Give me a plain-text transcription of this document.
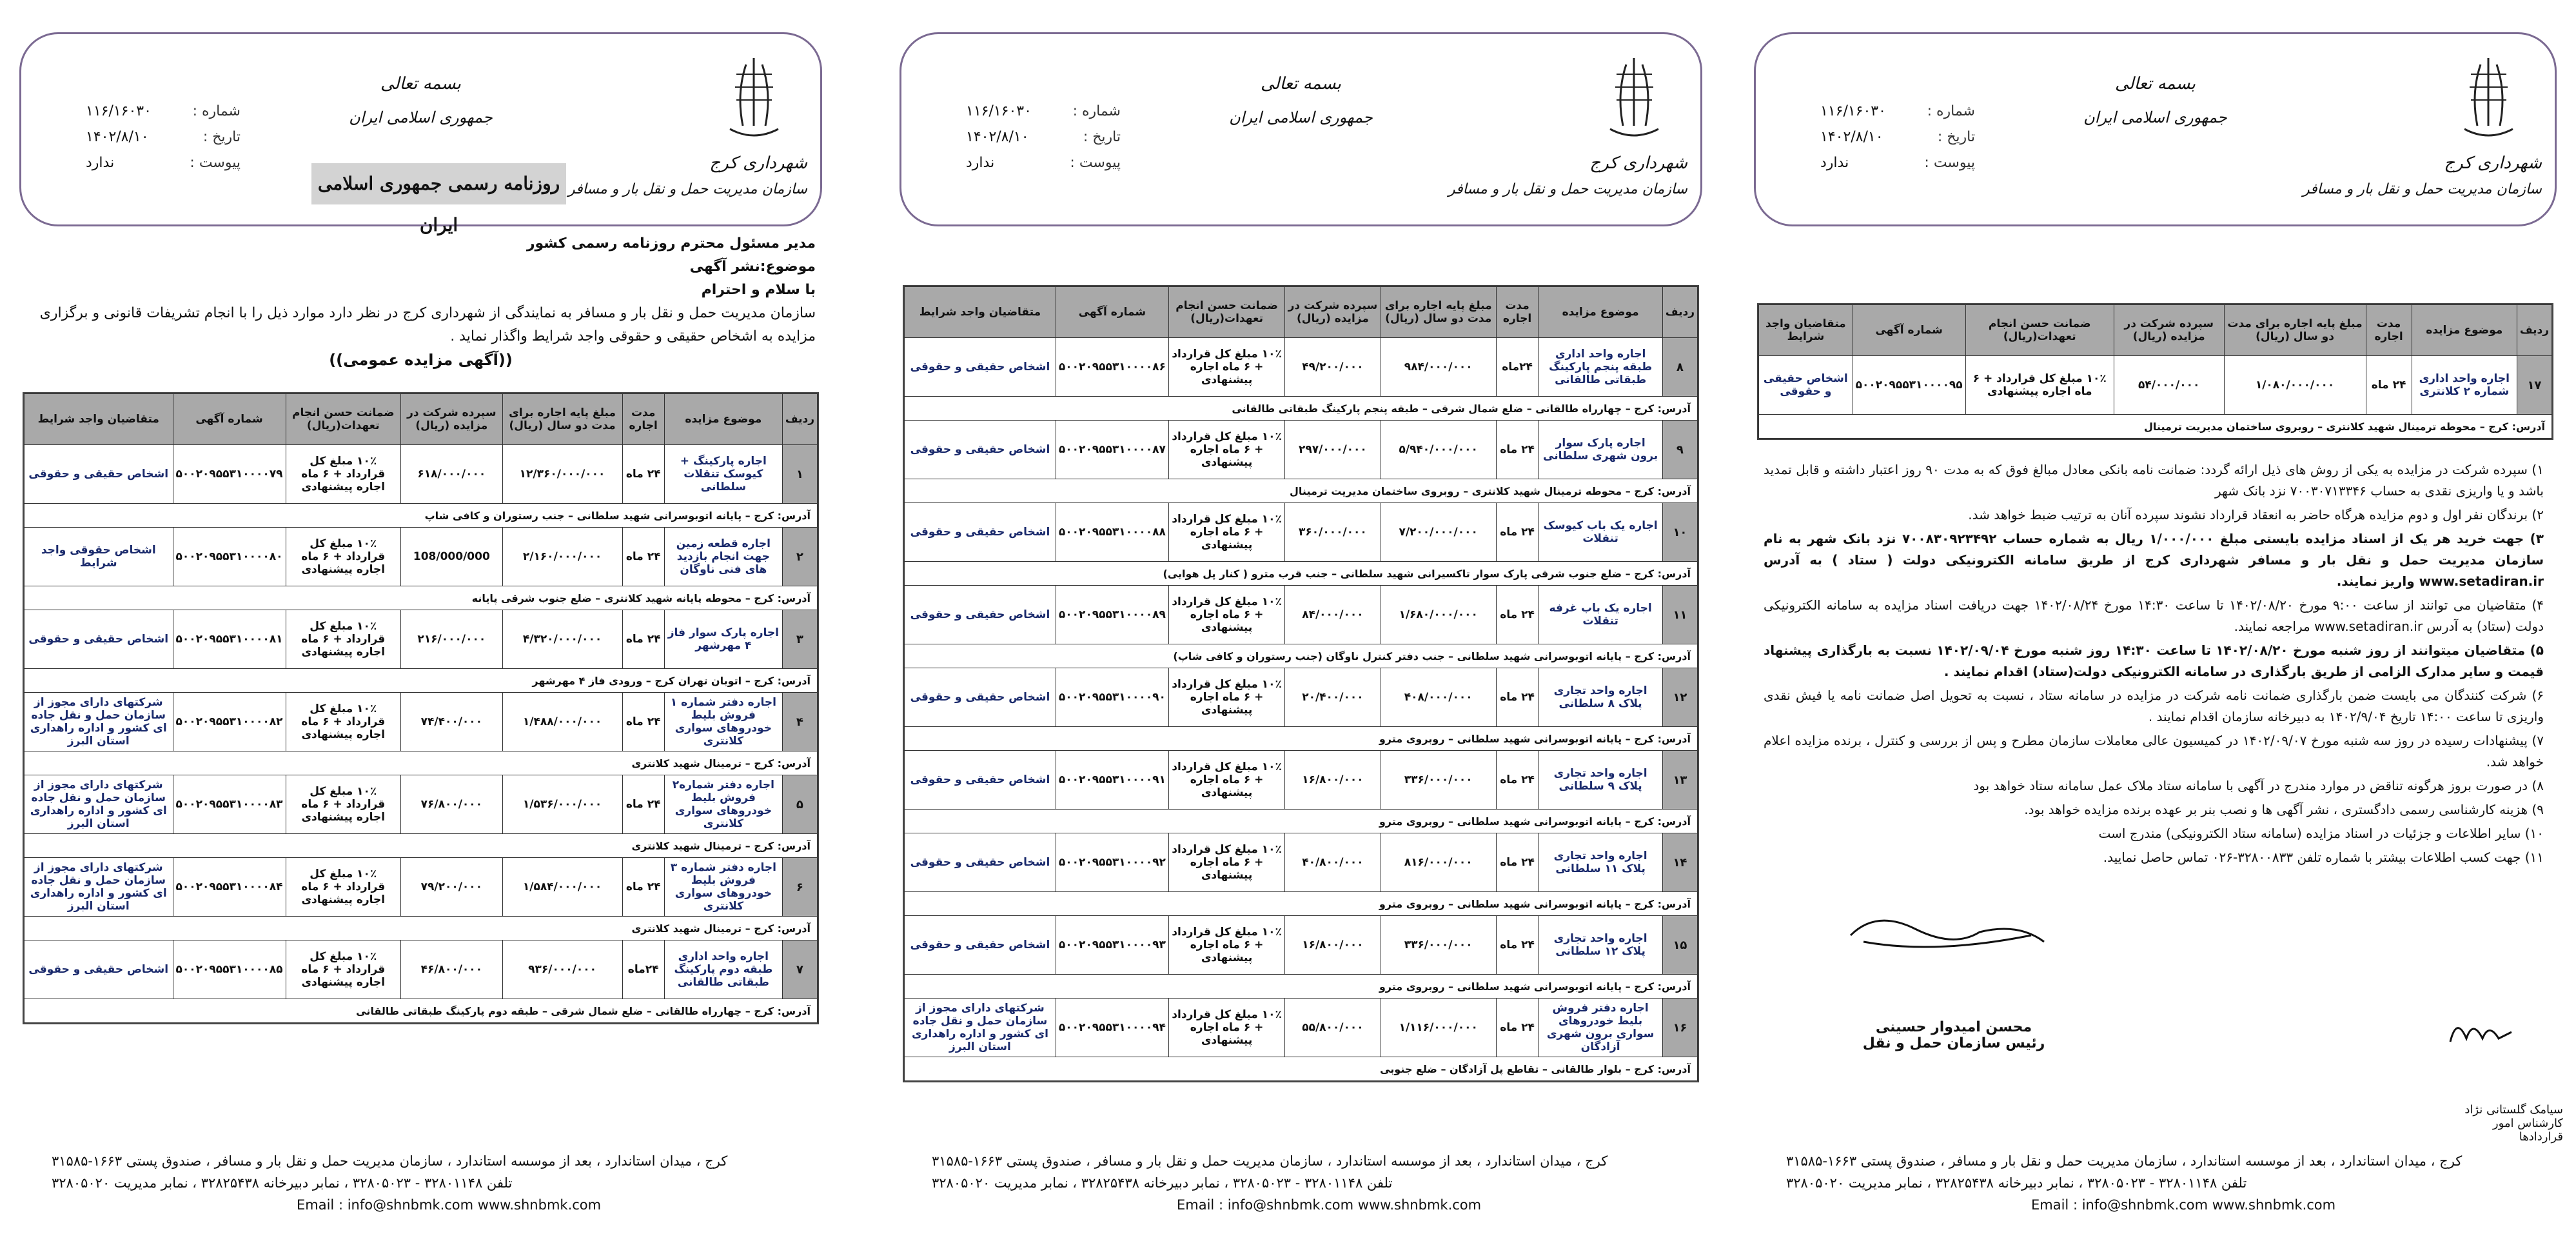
شهرداری کرج
سازمان مدیریت حمل و نقل بار و مسافر
بسمه تعالی
جمهوری اسلامی ایران
شماره :
۱۱۶/۱۶۰۳۰
تاریخ :
۱۴۰۲/۸/۱۰
پیوست :
ندارد
روزنامه رسمی جمهوری اسلامی ایران
مدیر مسئول محترم روزنامه رسمی کشور
موضوع:نشر آگهی
با سلام و احترام
سازمان مدیریت حمل و نقل بار و مسافر به نمایندگی از شهرداری کرج در نظر دارد موارد ذیل را با انجام تشریفات قانونی و برگزاری مزایده به اشخاص حقیقی و حقوقی واجد شرایط واگذار نماید .
((آگهی مزایده عمومی))
ردیف	موضوع مزایده	مدت اجاره	مبلغ پایه اجاره برای مدت دو سال (ریال)	سپرده شرکت در مزایده (ریال)	ضمانت حسن انجام تعهدات(ریال)	شماره آگهی	متقاضیان واجد شرایط
۱	اجاره پارکینگ + کیوسک تنقلات سلطانی	۲۴ ماه	۱۲/۳۶۰/۰۰۰/۰۰۰	۶۱۸/۰۰۰/۰۰۰	۱۰٪ مبلغ کل قرارداد + ۶ ماه اجاره پیشنهادی	۵۰۰۲۰۹۵۵۳۱۰۰۰۰۷۹	اشخاص حقیقی و حقوقی
آدرس: کرج – پایانه اتوبوسرانی شهید سلطانی – جنب رستوران و کافی شاپ							
۲	اجاره قطعه زمین جهت انجام بازدید های فنی ناوگان	۲۴ ماه	۲/۱۶۰/۰۰۰/۰۰۰	108/000/000	۱۰٪ مبلغ کل قرارداد + ۶ ماه اجاره پیشنهادی	۵۰۰۲۰۹۵۵۳۱۰۰۰۰۸۰	اشخاص حقوقی واجد شرایط
آدرس: کرج – محوطه پایانه شهید کلانتری – ضلع جنوب شرقی پایانه							
۳	اجاره پارک سوار فاز ۴ مهرشهر	۲۴ ماه	۴/۳۲۰/۰۰۰/۰۰۰	۲۱۶/۰۰۰/۰۰۰	۱۰٪ مبلغ کل قرارداد + ۶ ماه اجاره پیشنهادی	۵۰۰۲۰۹۵۵۳۱۰۰۰۰۸۱	اشخاص حقیقی و حقوقی
آدرس: کرج – اتوبان تهران کرج – ورودی فاز ۴ مهرشهر							
۴	اجاره دفتر شماره ۱ فروش بلیط خودروهای سواری کلانتری	۲۴ ماه	۱/۴۸۸/۰۰۰/۰۰۰	۷۴/۴۰۰/۰۰۰	۱۰٪ مبلغ کل قرارداد + ۶ ماه اجاره پیشنهادی	۵۰۰۲۰۹۵۵۳۱۰۰۰۰۸۲	شرکتهای دارای مجوز از سازمان حمل و نقل جاده ای کشور و اداره راهداری استان البرز
آدرس: کرج – ترمینال شهید کلانتری							
۵	اجاره دفتر شماره۲ فروش بلیط خودروهای سواری کلانتری	۲۴ ماه	۱/۵۳۶/۰۰۰/۰۰۰	۷۶/۸۰۰/۰۰۰	۱۰٪ مبلغ کل قرارداد + ۶ ماه اجاره پیشنهادی	۵۰۰۲۰۹۵۵۳۱۰۰۰۰۸۳	شرکتهای دارای مجوز از سازمان حمل و نقل جاده ای کشور و اداره راهداری استان البرز
آدرس: کرج – ترمینال شهید کلانتری							
۶	اجاره دفتر شماره ۳ فروش بلیط خودروهای سواری کلانتری	۲۴ ماه	۱/۵۸۴/۰۰۰/۰۰۰	۷۹/۲۰۰/۰۰۰	۱۰٪ مبلغ کل قرارداد + ۶ ماه اجاره پیشنهادی	۵۰۰۲۰۹۵۵۳۱۰۰۰۰۸۴	شرکتهای دارای مجوز از سازمان حمل و نقل جاده ای کشور و اداره راهداری استان البرز
آدرس: کرج – ترمینال شهید کلانتری							
۷	اجاره واحد اداری طبقه دوم پارکینگ طبقاتی طالقانی	۲۴ماه	۹۳۶/۰۰۰/۰۰۰	۴۶/۸۰۰/۰۰۰	۱۰٪ مبلغ کل قرارداد + ۶ ماه اجاره پیشنهادی	۵۰۰۲۰۹۵۵۳۱۰۰۰۰۸۵	اشخاص حقیقی و حقوقی
آدرس: کرج – چهارراه طالقانی – ضلع شمال شرقی – طبقه دوم پارکینگ طبقاتی طالقانی							
کرج ، میدان استاندارد ، بعد از موسسه استاندارد ، سازمان مدیریت حمل و نقل بار و مسافر ، صندوق پستی ۱۶۶۳-۳۱۵۸۵
تلفن ۳۲۸۰۱۱۴۸ - ۳۲۸۰۵۰۲۳ ، نمابر دبیرخانه ۳۲۸۲۵۴۳۸ ، نمابر مدیریت ۳۲۸۰۵۰۲۰
Email : info@shnbmk.com www.shnbmk.com
شهرداری کرج
سازمان مدیریت حمل و نقل بار و مسافر
بسمه تعالی
جمهوری اسلامی ایران
شماره :
۱۱۶/۱۶۰۳۰
تاریخ :
۱۴۰۲/۸/۱۰
پیوست :
ندارد
ردیف	موضوع مزایده	مدت اجاره	مبلغ پایه اجاره برای مدت دو سال (ریال)	سپرده شرکت در مزایده (ریال)	ضمانت حسن انجام تعهدات(ریال)	شماره آگهی	متقاضیان واجد شرایط
۸	اجاره واحد اداری طبقه پنجم پارکینگ طبقاتی طالقانی	۲۴ماه	۹۸۴/۰۰۰/۰۰۰	۴۹/۲۰۰/۰۰۰	۱۰٪ مبلغ کل قرارداد + ۶ ماه اجاره پیشنهادی	۵۰۰۲۰۹۵۵۳۱۰۰۰۰۸۶	اشخاص حقیقی و حقوقی
آدرس: کرج – چهارراه طالقانی – ضلع شمال شرقی – طبقه پنجم پارکینگ طبقاتی طالقانی							
۹	اجاره پارک سوار برون شهری سلطانی	۲۴ ماه	۵/۹۴۰/۰۰۰/۰۰۰	۲۹۷/۰۰۰/۰۰۰	۱۰٪ مبلغ کل قرارداد + ۶ ماه اجاره پیشنهادی	۵۰۰۲۰۹۵۵۳۱۰۰۰۰۸۷	اشخاص حقیقی و حقوقی
آدرس: کرج – محوطه ترمینال شهید کلانتری – روبروی ساختمان مدیریت ترمینال							
۱۰	اجاره یک باب کیوسک تنقلات	۲۴ ماه	۷/۲۰۰/۰۰۰/۰۰۰	۳۶۰/۰۰۰/۰۰۰	۱۰٪ مبلغ کل قرارداد + ۶ ماه اجاره پیشنهادی	۵۰۰۲۰۹۵۵۳۱۰۰۰۰۸۸	اشخاص حقیقی و حقوقی
آدرس: کرج – ضلع جنوب شرقی پارک سوار تاکسیرانی شهید سلطانی – جنب قرب مترو ( کنار پل هوایی)							
۱۱	اجاره یک باب غرفه تنقلات	۲۴ ماه	۱/۶۸۰/۰۰۰/۰۰۰	۸۴/۰۰۰/۰۰۰	۱۰٪ مبلغ کل قرارداد + ۶ ماه اجاره پیشنهادی	۵۰۰۲۰۹۵۵۳۱۰۰۰۰۸۹	اشخاص حقیقی و حقوقی
آدرس: کرج – پایانه اتوبوسرانی شهید سلطانی – جنب دفتر کنترل ناوگان (جنب رستوران و کافی شاپ)							
۱۲	اجاره واحد تجاری پلاک ۸ سلطانی	۲۴ ماه	۴۰۸/۰۰۰/۰۰۰	۲۰/۴۰۰/۰۰۰	۱۰٪ مبلغ کل قرارداد + ۶ ماه اجاره پیشنهادی	۵۰۰۲۰۹۵۵۳۱۰۰۰۰۹۰	اشخاص حقیقی و حقوقی
آدرس: کرج – پایانه اتوبوسرانی شهید سلطانی – روبروی مترو							
۱۳	اجاره واحد تجاری پلاک ۹ سلطانی	۲۴ ماه	۳۳۶/۰۰۰/۰۰۰	۱۶/۸۰۰/۰۰۰	۱۰٪ مبلغ کل قرارداد + ۶ ماه اجاره پیشنهادی	۵۰۰۲۰۹۵۵۳۱۰۰۰۰۹۱	اشخاص حقیقی و حقوقی
آدرس: کرج – پایانه اتوبوسرانی شهید سلطانی – روبروی مترو							
۱۴	اجاره واحد تجاری پلاک ۱۱ سلطانی	۲۴ ماه	۸۱۶/۰۰۰/۰۰۰	۴۰/۸۰۰/۰۰۰	۱۰٪ مبلغ کل قرارداد + ۶ ماه اجاره پیشنهادی	۵۰۰۲۰۹۵۵۳۱۰۰۰۰۹۲	اشخاص حقیقی و حقوقی
آدرس: کرج – پایانه اتوبوسرانی شهید سلطانی – روبروی مترو							
۱۵	اجاره واحد تجاری پلاک ۱۲ سلطانی	۲۴ ماه	۳۳۶/۰۰۰/۰۰۰	۱۶/۸۰۰/۰۰۰	۱۰٪ مبلغ کل قرارداد + ۶ ماه اجاره پیشنهادی	۵۰۰۲۰۹۵۵۳۱۰۰۰۰۹۳	اشخاص حقیقی و حقوقی
آدرس: کرج – پایانه اتوبوسرانی شهید سلطانی – روبروی مترو							
۱۶	اجاره دفتر فروش بلیط خودروهای سواری برون شهری آزادگان	۲۴ ماه	۱/۱۱۶/۰۰۰/۰۰۰	۵۵/۸۰۰/۰۰۰	۱۰٪ مبلغ کل قرارداد + ۶ ماه اجاره پیشنهادی	۵۰۰۲۰۹۵۵۳۱۰۰۰۰۹۴	شرکتهای دارای مجوز از سازمان حمل و نقل جاده ای کشور و اداره راهداری استان البرز
آدرس: کرج – بلوار طالقانی – تقاطع پل آزادگان – ضلع جنوبی							
کرج ، میدان استاندارد ، بعد از موسسه استاندارد ، سازمان مدیریت حمل و نقل بار و مسافر ، صندوق پستی ۱۶۶۳-۳۱۵۸۵
تلفن ۳۲۸۰۱۱۴۸ - ۳۲۸۰۵۰۲۳ ، نمابر دبیرخانه ۳۲۸۲۵۴۳۸ ، نمابر مدیریت ۳۲۸۰۵۰۲۰
Email : info@shnbmk.com www.shnbmk.com
شهرداری کرج
سازمان مدیریت حمل و نقل بار و مسافر
بسمه تعالی
جمهوری اسلامی ایران
شماره :
۱۱۶/۱۶۰۳۰
تاریخ :
۱۴۰۲/۸/۱۰
پیوست :
ندارد
ردیف	موضوع مزایده	مدت اجاره	مبلغ پایه اجاره برای مدت دو سال (ریال)	سپرده شرکت در مزایده (ریال)	ضمانت حسن انجام تعهدات(ریال)	شماره آگهی	متقاضیان واجد شرایط
۱۷	اجاره واحد اداری شماره ۲ کلانتری	۲۴ ماه	۱/۰۸۰/۰۰۰/۰۰۰	۵۴/۰۰۰/۰۰۰	۱۰٪ مبلغ کل قرارداد + ۶ ماه اجاره پیشنهادی	۵۰۰۲۰۹۵۵۳۱۰۰۰۰۹۵	اشخاص حقیقی و حقوقی
آدرس: کرج – محوطه ترمینال شهید کلانتری – روبروی ساختمان مدیریت ترمینال							

۱) سپرده شرکت در مزایده به یکی از روش های ذیل ارائه گردد: ضمانت نامه بانکی معادل مبالغ فوق که به مدت ۹۰ روز اعتبار داشته و قابل تمدید باشد و یا واریزی نقدی به حساب ۷۰۰۳۰۷۱۳۳۴۶ نزد بانک شهر

۲) برندگان نفر اول و دوم مزایده هرگاه حاضر به انعقاد قرارداد نشوند سپرده آنان به ترتیب ضبط خواهد شد.

۳) جهت خرید هر یک از اسناد مزایده بایستی مبلغ ۱/۰۰۰/۰۰۰ ریال به شماره حساب ۷۰۰۸۳۰۹۲۳۴۹۲ نزد بانک شهر به نام سازمان مدیریت حمل و نقل بار و مسافر شهرداری کرج از طریق سامانه الکترونیکی دولت ( ستاد ) به آدرس www.setadiran.ir واریز نمایند.

۴) متقاضیان می توانند از ساعت ۹:۰۰ مورخ ۱۴۰۲/۰۸/۲۰ تا ساعت ۱۴:۳۰ مورخ ۱۴۰۲/۰۸/۲۴ جهت دریافت اسناد مزایده به سامانه الکترونیکی دولت (ستاد) به آدرس www.setadiran.ir مراجعه نمایند.

۵) متقاضیان میتوانند از روز شنبه مورخ ۱۴۰۲/۰۸/۲۰ تا ساعت ۱۴:۳۰ روز شنبه مورخ ۱۴۰۲/۰۹/۰۴ نسبت به بارگذاری پیشنهاد قیمت و سایر مدارک الزامی از طریق بارگذاری در سامانه الکترونیکی دولت(ستاد) اقدام نمایند .

۶) شرکت کنندگان می بایست ضمن بارگذاری ضمانت نامه شرکت در مزایده در سامانه ستاد ، نسبت به تحویل اصل ضمانت نامه یا فیش نقدی واریزی تا ساعت ۱۴:۰۰ تاریخ ۱۴۰۲/۹/۰۴ به دبیرخانه سازمان اقدام نمایند .

۷) پیشنهادات رسیده در روز سه شنبه مورخ ۱۴۰۲/۰۹/۰۷ در کمیسیون عالی معاملات سازمان مطرح و پس از بررسی و کنترل ، برنده مزایده اعلام خواهد شد.

۸) در صورت بروز هرگونه تناقض در موارد مندرج در آگهی با سامانه ستاد ملاک عمل سامانه ستاد خواهد بود

۹) هزینه کارشناسی رسمی دادگستری ، نشر آگهی ها و نصب بنر بر عهده برنده مزایده خواهد بود.

۱۰) سایر اطلاعات و جزئیات در اسناد مزایده (سامانه ستاد الکترونیکی) مندرج است

۱۱) جهت کسب اطلاعات بیشتر با شماره تلفن ۳۲۸۰۰۸۳۳-۰۲۶ تماس حاصل نمایید.

محسن امیدوار حسینی
رئیس سازمان حمل و نقل
سیامک گلستانی نژاد
کارشناس امور قراردادها
کرج ، میدان استاندارد ، بعد از موسسه استاندارد ، سازمان مدیریت حمل و نقل بار و مسافر ، صندوق پستی ۱۶۶۳-۳۱۵۸۵
تلفن ۳۲۸۰۱۱۴۸ - ۳۲۸۰۵۰۲۳ ، نمابر دبیرخانه ۳۲۸۲۵۴۳۸ ، نمابر مدیریت ۳۲۸۰۵۰۲۰
Email : info@shnbmk.com www.shnbmk.com
